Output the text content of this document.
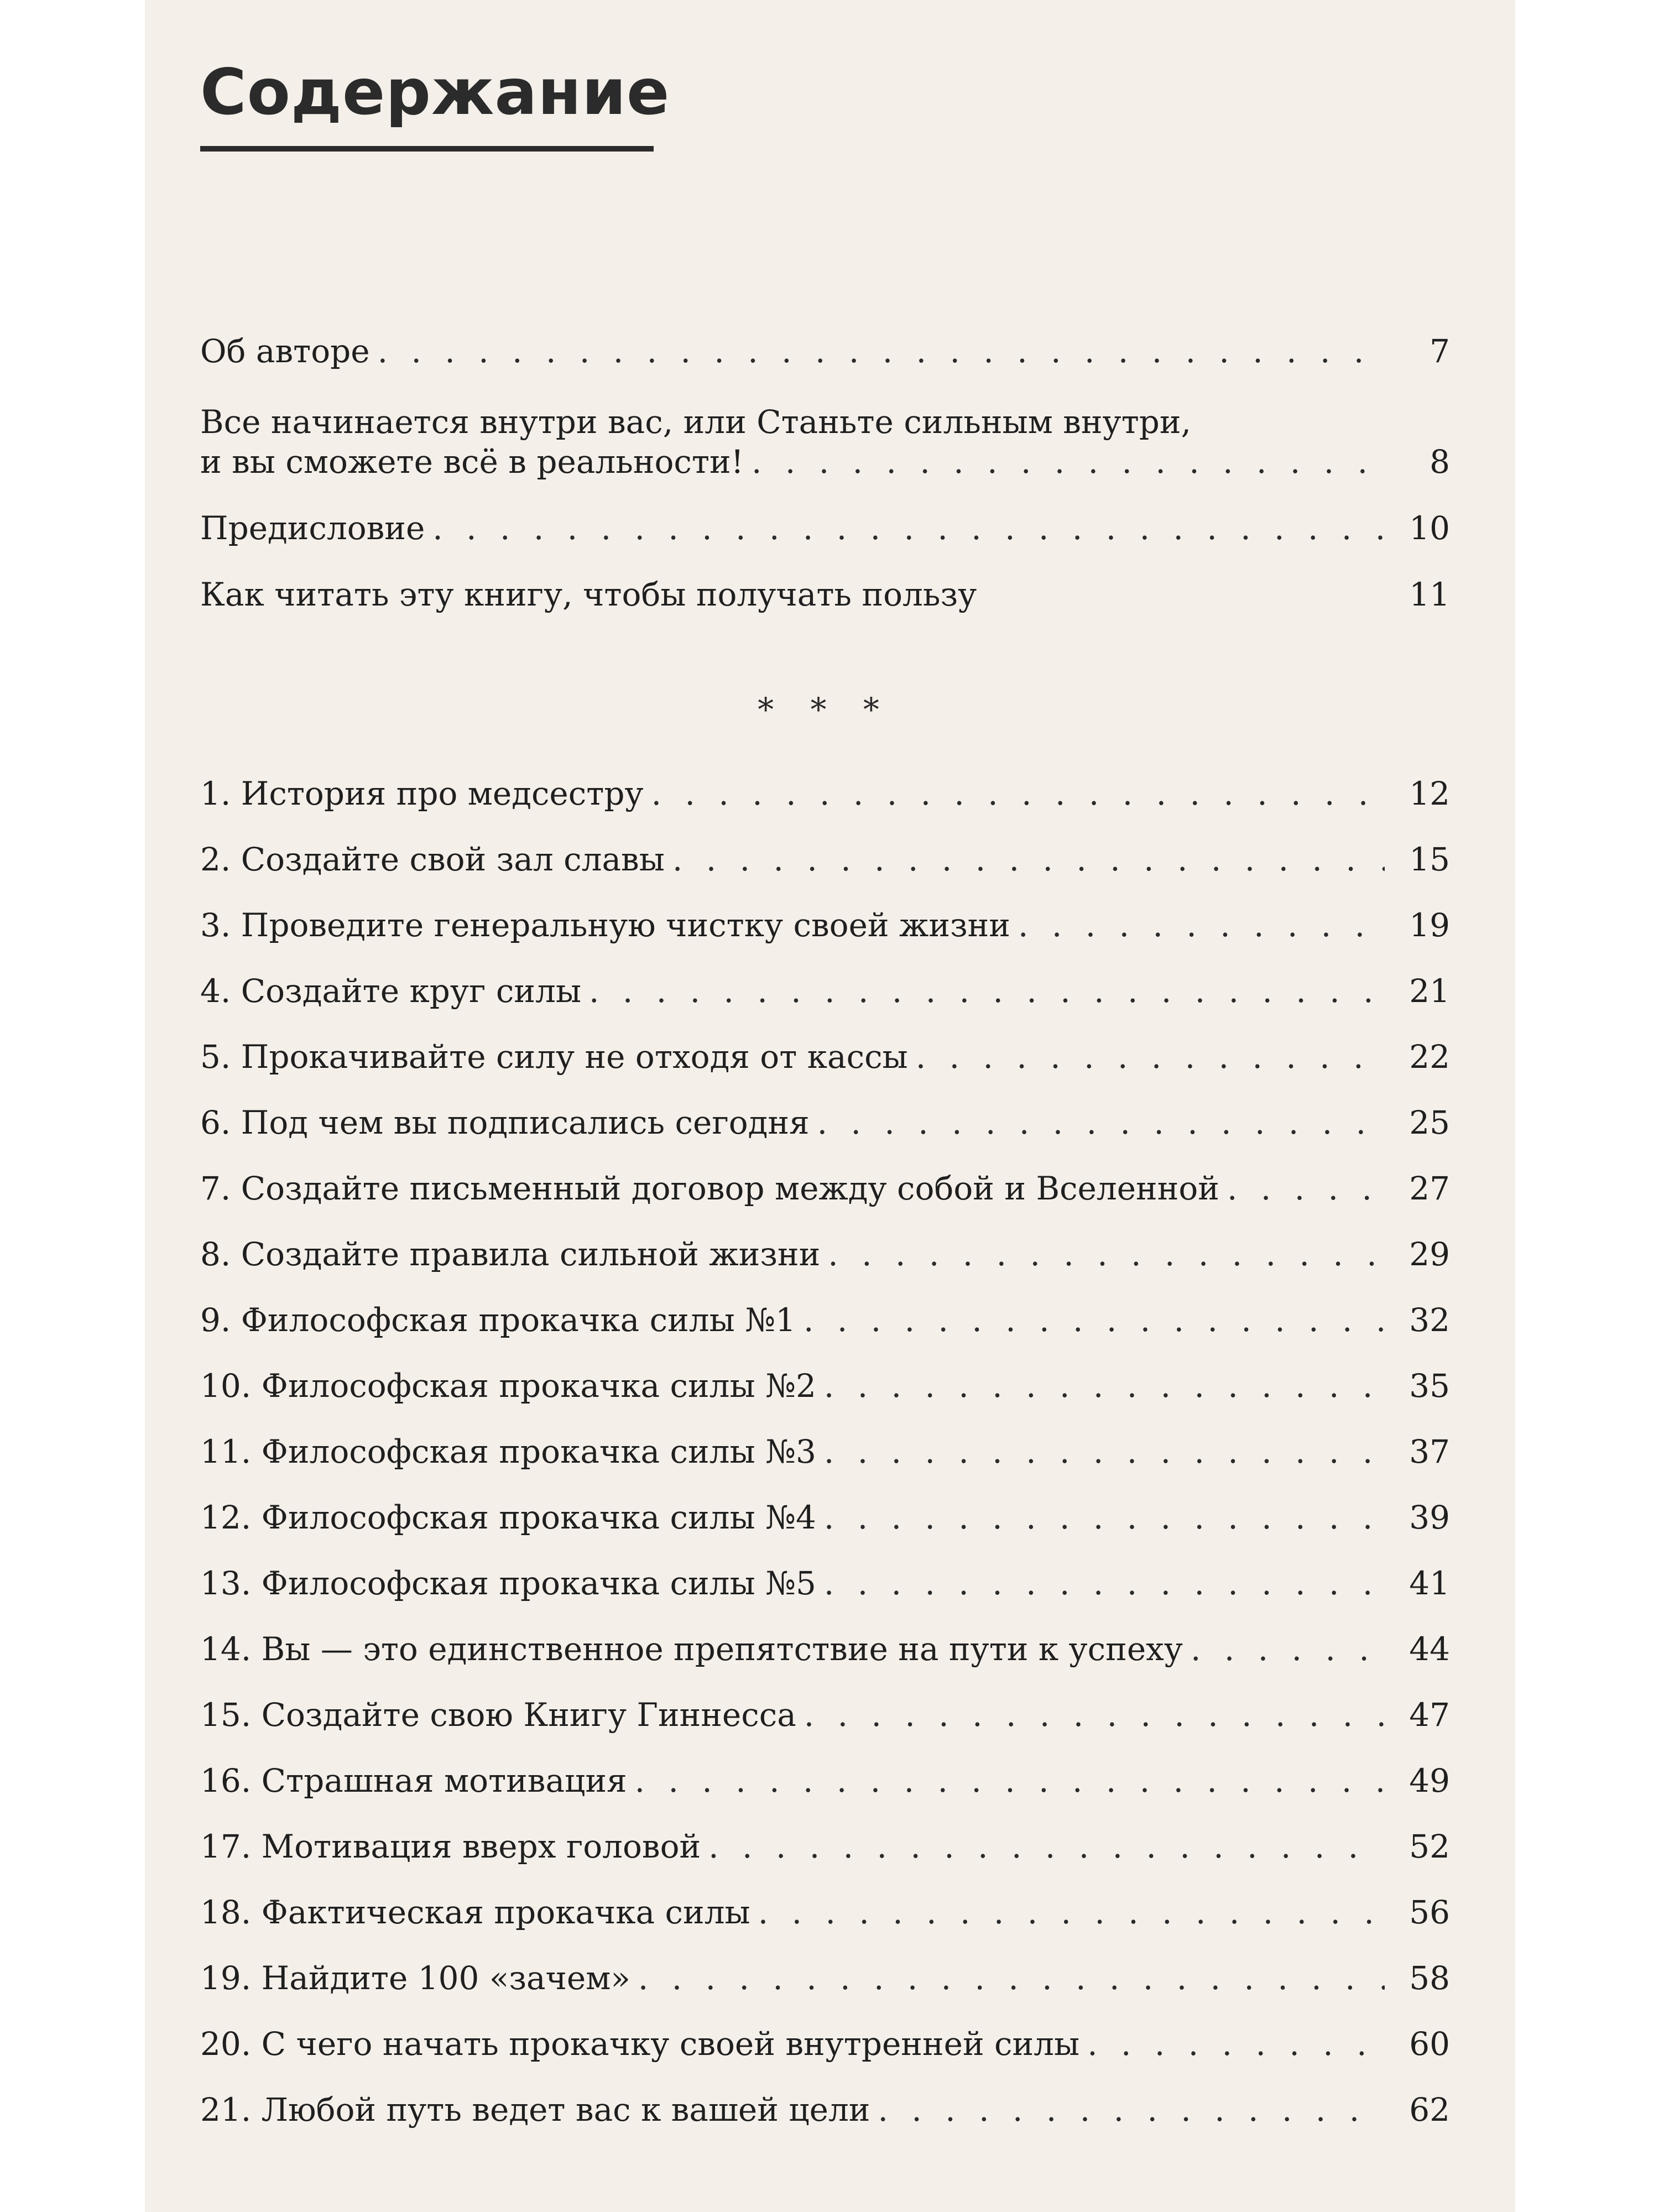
Содержание
Об авторе . . .	7
Все начинается внутри вас, или Станьте сильным внутри,
и вы сможете всё в реальности! . . .	8
Предисловие . . .	10
Как читать эту книгу, чтобы получать пользу	11
* * *
1. История про медсестру . . .	12
2. Создайте свой зал славы . . .	15
3. Проведите генеральную чистку своей жизни . . .	19
4. Создайте круг силы . . .	21
5. Прокачивайте силу не отходя от кассы . . .	22
6. Под чем вы подписались сегодня . . .	25
7. Создайте письменный договор между собой и Вселенной . . .	27
8. Создайте правила сильной жизни . . .	29
9. Философская прокачка силы №1 . . .	32
10. Философская прокачка силы №2 . . .	35
11. Философская прокачка силы №3 . . .	37
12. Философская прокачка силы №4 . . .	39
13. Философская прокачка силы №5 . . .	41
14. Вы — это единственное препятствие на пути к успеху . . .	44
15. Создайте свою Книгу Гиннесса . . .	47
16. Страшная мотивация . . .	49
17. Мотивация вверх головой . . .	52
18. Фактическая прокачка силы . . .	56
19. Найдите 100 «зачем» . . .	58
20. С чего начать прокачку своей внутренней силы . . .	60
21. Любой путь ведет вас к вашей цели . . .	62
